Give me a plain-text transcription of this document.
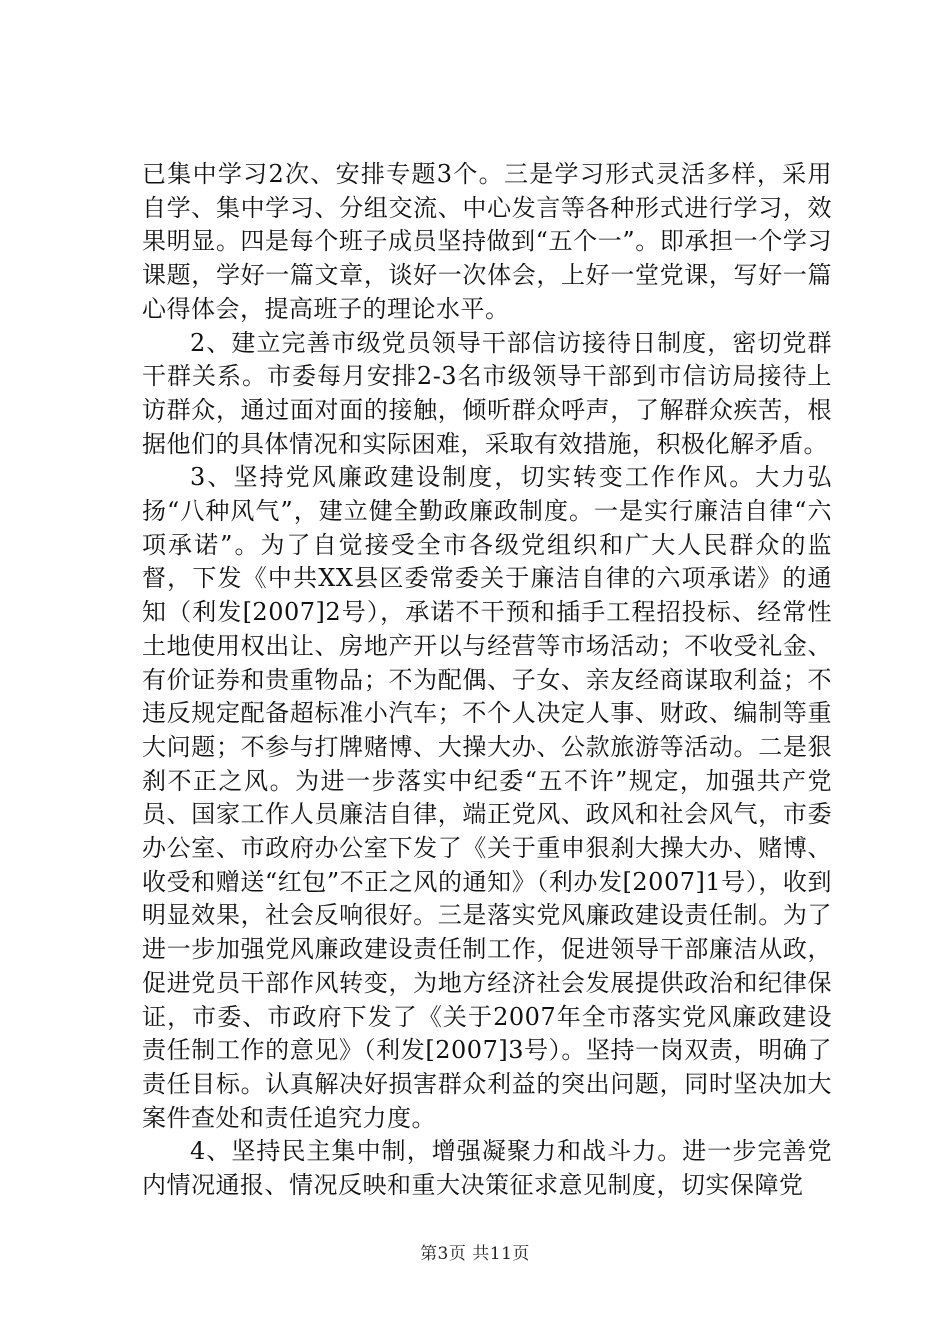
已集中学习2次、安排专题3个。三是学习形式灵活多样，采用自学、集中学习、分组交流、中心发言等各种形式进行学习，效果明显。四是每个班子成员坚持做到“五个一”。即承担一个学习课题，学好一篇文章，谈好一次体会，上好一堂党课，写好一篇心得体会，提高班子的理论水平。

2、建立完善市级党员领导干部信访接待日制度，密切党群干群关系。市委每月安排2-3名市级领导干部到市信访局接待上访群众，通过面对面的接触，倾听群众呼声，了解群众疾苦，根据他们的具体情况和实际困难，采取有效措施，积极化解矛盾。

3、坚持党风廉政建设制度，切实转变工作作风。大力弘扬“八种风气”，建立健全勤政廉政制度。一是实行廉洁自律“六项承诺”。为了自觉接受全市各级党组织和广大人民群众的监督，下发《中共XX县区委常委关于廉洁自律的六项承诺》的通知（利发[2007]2号），承诺不干预和插手工程招投标、经常性土地使用权出让、房地产开以与经营等市场活动；不收受礼金、有价证券和贵重物品；不为配偶、子女、亲友经商谋取利益；不违反规定配备超标准小汽车；不个人决定人事、财政、编制等重大问题；不参与打牌赌博、大操大办、公款旅游等活动。二是狠刹不正之风。为进一步落实中纪委“五不许”规定，加强共产党员、国家工作人员廉洁自律，端正党风、政风和社会风气，市委办公室、市政府办公室下发了《关于重申狠刹大操大办、赌博、收受和赠送“红包”不正之风的通知》（利办发[2007]1号），收到明显效果，社会反响很好。三是落实党风廉政建设责任制。为了进一步加强党风廉政建设责任制工作，促进领导干部廉洁从政，促进党员干部作风转变，为地方经济社会发展提供政治和纪律保证，市委、市政府下发了《关于2007年全市落实党风廉政建设责任制工作的意见》（利发[2007]3号）。坚持一岗双责，明确了责任目标。认真解决好损害群众利益的突出问题，同时坚决加大案件查处和责任追究力度。

4、坚持民主集中制，增强凝聚力和战斗力。进一步完善党内情况通报、情况反映和重大决策征求意见制度，切实保障党

第3页 共11页
